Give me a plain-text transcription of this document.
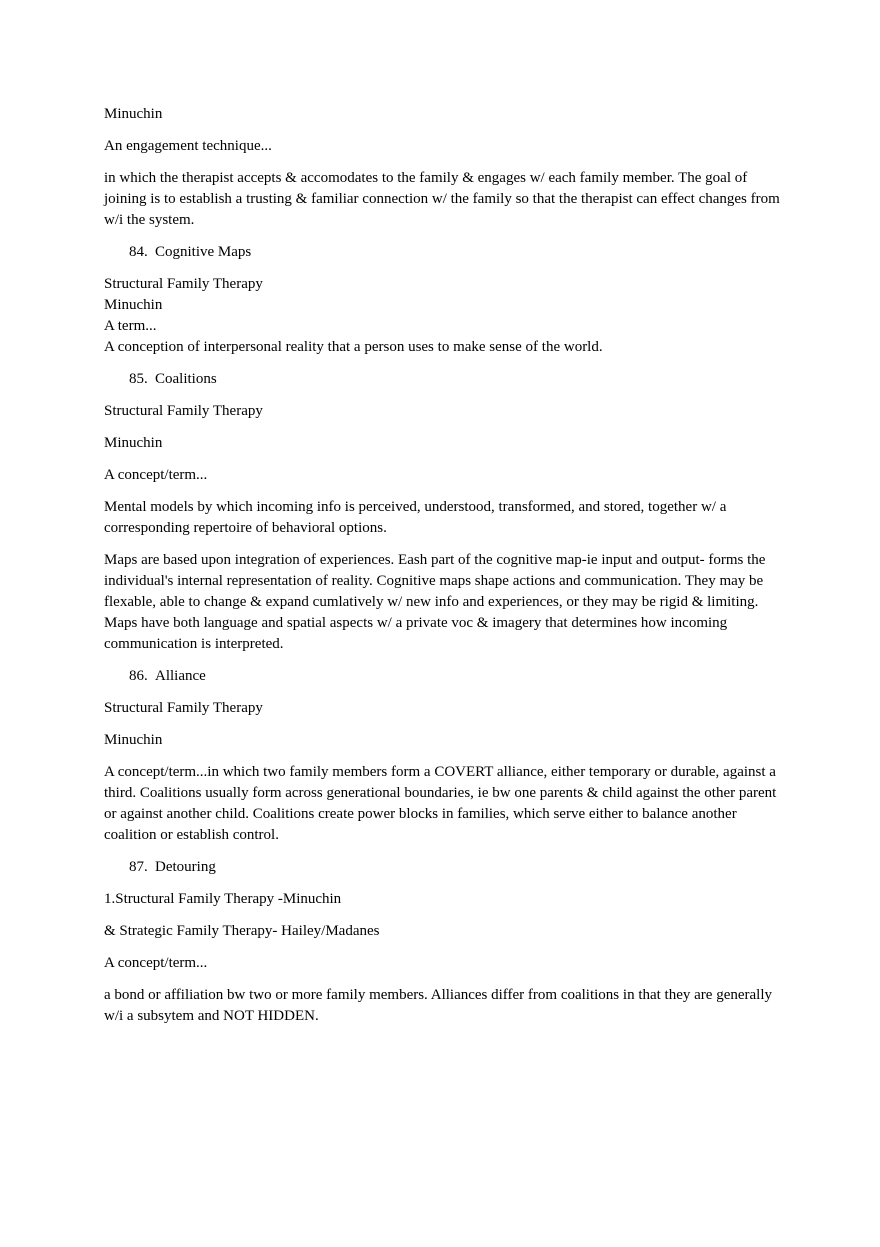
Minuchin

An engagement technique...

in which the therapist accepts & accomodates to the family & engages w/ each family member. The goal of joining is to establish a trusting & familiar connection w/ the family so that the therapist can effect changes from w/i the system.

84. Cognitive Maps

Structural Family Therapy

Minuchin

A term...

A conception of interpersonal reality that a person uses to make sense of the world.

85. Coalitions

Structural Family Therapy

Minuchin

A concept/term...

Mental models by which incoming info is perceived, understood, transformed, and stored, together w/ a corresponding repertoire of behavioral options.

Maps are based upon integration of experiences. Eash part of the cognitive map-ie input and output- forms the individual's internal representation of reality. Cognitive maps shape actions and communication. They may be flexable, able to change & expand cumlatively w/ new info and experiences, or they may be rigid & limiting. Maps have both language and spatial aspects w/ a private voc & imagery that determines how incoming communication is interpreted.

86. Alliance

Structural Family Therapy

Minuchin

A concept/term...in which two family members form a COVERT alliance, either temporary or durable, against a third. Coalitions usually form across generational boundaries, ie bw one parents & child against the other parent or against another child. Coalitions create power blocks in families, which serve either to balance another coalition or establish control.

87. Detouring

1.Structural Family Therapy -Minuchin

& Strategic Family Therapy- Hailey/Madanes

A concept/term...

a bond or affiliation bw two or more family members. Alliances differ from coalitions in that they are generally w/i a subsytem and NOT HIDDEN.
